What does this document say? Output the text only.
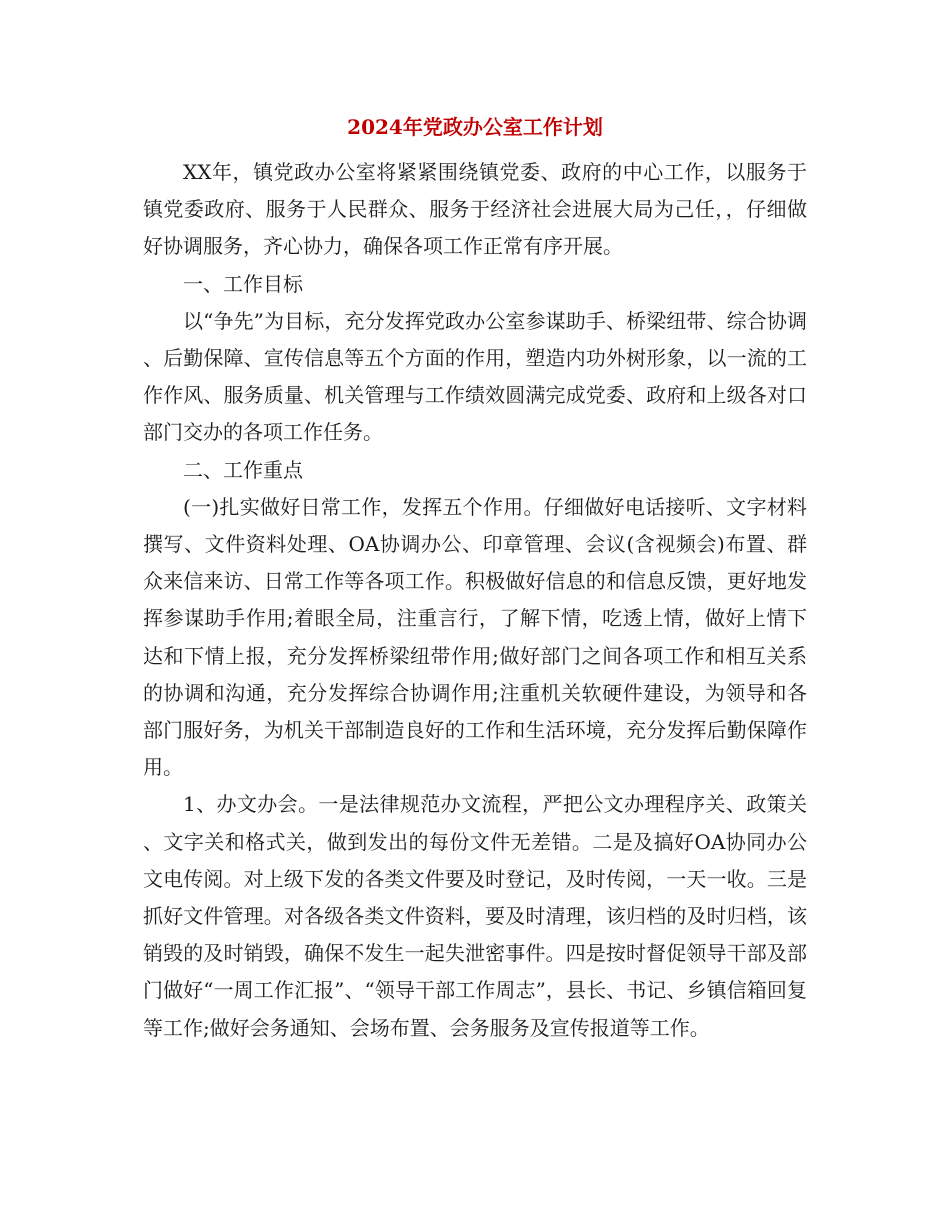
2024年党政办公室工作计划

XX年，镇党政办公室将紧紧围绕镇党委、政府的中心工作，以服务于镇党委政府、服务于人民群众、服务于经济社会进展大局为己任，，仔细做好协调服务，齐心协力，确保各项工作正常有序开展。

一、工作目标

以“争先”为目标，充分发挥党政办公室参谋助手、桥梁纽带、综合协调、后勤保障、宣传信息等五个方面的作用，塑造内功外树形象，以一流的工作作风、服务质量、机关管理与工作绩效圆满完成党委、政府和上级各对口部门交办的各项工作任务。

二、工作重点

(一)扎实做好日常工作，发挥五个作用。仔细做好电话接听、文字材料撰写、文件资料处理、OA协调办公、印章管理、会议(含视频会)布置、群众来信来访、日常工作等各项工作。积极做好信息的和信息反馈，更好地发挥参谋助手作用;着眼全局，注重言行，了解下情，吃透上情，做好上情下达和下情上报，充分发挥桥梁纽带作用;做好部门之间各项工作和相互关系的协调和沟通，充分发挥综合协调作用;注重机关软硬件建设，为领导和各部门服好务，为机关干部制造良好的工作和生活环境，充分发挥后勤保障作用。

1、办文办会。一是法律规范办文流程，严把公文办理程序关、政策关、文字关和格式关，做到发出的每份文件无差错。二是及搞好OA协同办公文电传阅。对上级下发的各类文件要及时登记，及时传阅，一天一收。三是抓好文件管理。对各级各类文件资料，要及时清理，该归档的及时归档，该销毁的及时销毁，确保不发生一起失泄密事件。四是按时督促领导干部及部门做好“一周工作汇报”、“领导干部工作周志”，县长、书记、乡镇信箱回复等工作;做好会务通知、会场布置、会务服务及宣传报道等工作。
